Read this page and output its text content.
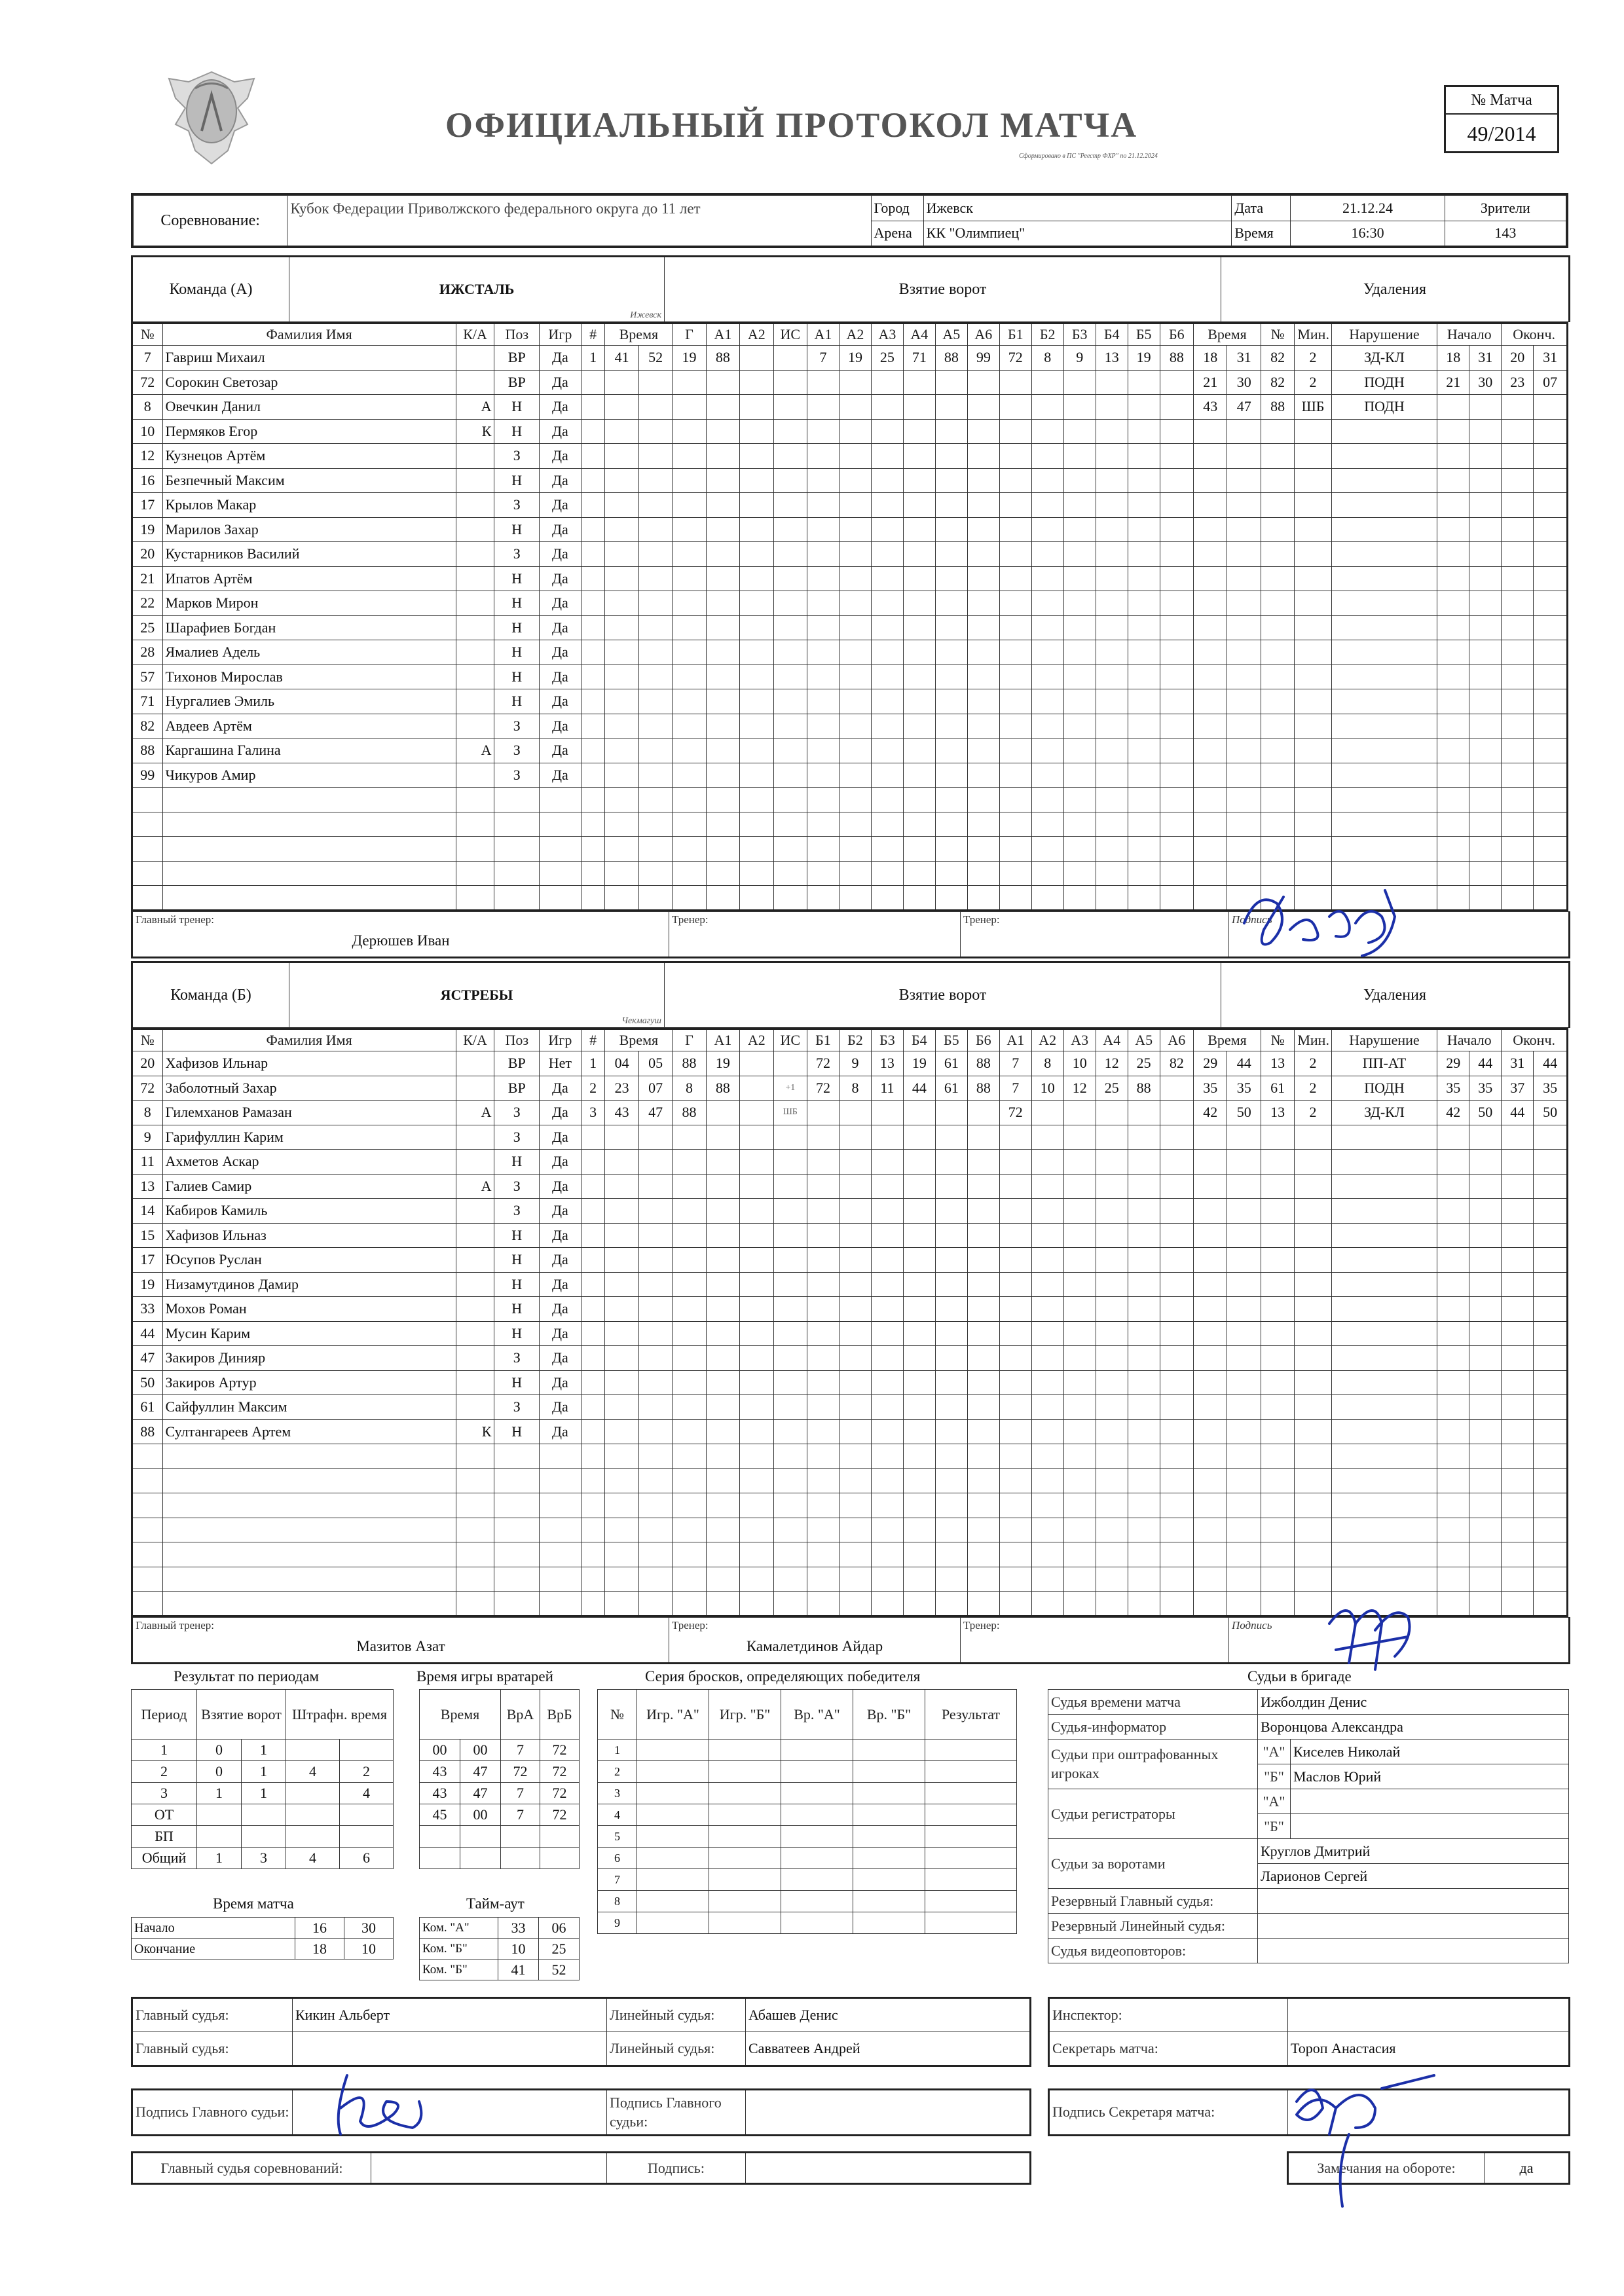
ОФИЦИАЛЬНЫЙ ПРОТОКОЛ МАТЧА
Сформировано в ПС "Реестр ФХР" по 21.12.2024
№ Матча
49/2014
Соревнование:	Кубок Федерации Приволжского федерального округа до 11 лет	Город	Ижевск	Дата	21.12.24	Зрители
		Арена	КК "Олимпиец"	Время	16:30	143
Команда (А)	ИЖСТАЛЬ
Ижевск
	Взятие ворот	Удаления
№	Фамилия Имя	К/А	Поз	Игр	#	Время		Г	А1	А2	ИС	А1	А2	А3	А4	А5	А6	Б1	Б2	Б3	Б4	Б5	Б6	Время		№	Мин.	Нарушение	Начало		Оконч.	
7	Гавриш Михаил		ВР	Да	1	41	52	19	88			7	19	25	71	88	99	72	8	9	13	19	88	18	31	82	2	ЗД-КЛ	18	31	20	31
72	Сорокин Светозар		ВР	Да																				21	30	82	2	ПОДН	21	30	23	07
8	Овечкин Данил	А	Н	Да																				43	47	88	ШБ	ПОДН				
10	Пермяков Егор	К	Н	Да																												
12	Кузнецов Артём		З	Да																												
16	Безпечный Максим		Н	Да																												
17	Крылов Макар		З	Да																												
19	Марилов Захар		Н	Да																												
20	Кустарников Василий		З	Да																												
21	Ипатов Артём		Н	Да																												
22	Марков Мирон		Н	Да																												
25	Шарафиев Богдан		Н	Да																												
28	Ямалиев Адель		Н	Да																												
57	Тихонов Мирослав		Н	Да																												
71	Нургалиев Эмиль		Н	Да																												
82	Авдеев Артём		З	Да																												
88	Каргашина Галина	А	З	Да																												
99	Чикуров Амир		З	Да																												

Главный тренер:
Дерюшев Иван

Тренер:	Тренер:	Подпись
Команда (Б)	ЯСТРЕБЫ
Чекмагуш
	Взятие ворот	Удаления
№	Фамилия Имя	К/А	Поз	Игр	#	Время		Г	А1	А2	ИС	Б1	Б2	Б3	Б4	Б5	Б6	А1	А2	А3	А4	А5	А6	Время		№	Мин.	Нарушение	Начало		Оконч.	
20	Хафизов Ильнар		ВР	Нет	1	04	05	88	19			72	9	13	19	61	88	7	8	10	12	25	82	29	44	13	2	ПП-АТ	29	44	31	44
72	Заболотный Захар		ВР	Да	2	23	07	8	88		+1	72	8	11	44	61	88	7	10	12	25	88		35	35	61	2	ПОДН	35	35	37	35
8	Гилемханов Рамазан	А	З	Да	3	43	47	88			ШБ							72						42	50	13	2	ЗД-КЛ	42	50	44	50
9	Гарифуллин Карим		З	Да																												
11	Ахметов Аскар		Н	Да																												
13	Галиев Самир	А	З	Да																												
14	Кабиров Камиль		З	Да																												
15	Хафизов Ильназ		Н	Да																												
17	Юсупов Руслан		Н	Да																												
19	Низамутдинов Дамир		Н	Да																												
33	Мохов Роман		Н	Да																												
44	Мусин Карим		Н	Да																												
47	Закиров Динияр		З	Да																												
50	Закиров Артур		Н	Да																												
61	Сайфуллин Максим		З	Да																												
88	Султангареев Артем	К	Н	Да																												

Главный тренер:
Мазитов Азат

Тренер:
Камалетдинов Айдар

Тренер:	Подпись
Результат по периодам
Период	Взятие ворот		Штрафн. время	
1	0	1		
2	0	1	4	2
3	1	1		4
ОТ				
БП				
Общий	1	3	4	6
Время матча
Начало	16	30
Окончание	18	10
Время игры вратарей
Время		ВрА	ВрБ
00	00	7	72
43	47	72	72
43	47	7	72
45	00	7	72

Тайм-аут
Ком. "А"	33	06
Ком. "Б"	10	25
Ком. "Б"	41	52
Серия бросков, определяющих победителя
№	Игр. "А"	Игр. "Б"	Вр. "А"	Вр. "Б"	Результат
1					
2					
3					
4					
5					
6					
7					
8					
9					
Судьи в бригаде
Судья времени матча	Ижболдин Денис	
Судья-информатор	Воронцова Александра	
Судьи при оштрафованных игроках	"А"	Киселев Николай
	"Б"	Маслов Юрий
Судьи регистраторы	"А"	
	"Б"	
Судьи за воротами	Круглов Дмитрий	
	Ларионов Сергей	
Резервный Главный судья:		
Резервный Линейный судья:		
Судья видеоповторов:		
Главный судья:	Кикин Альберт	Линейный судья:	Абашев Денис
Главный судья:		Линейный судья:	Савватеев Андрей
Инспектор:	
Секретарь матча:	Тороп Анастасия
Подпись Главного судьи:		Подпись Главного судьи:	
Подпись Секретаря матча:	
Главный судья соревнований:		Подпись:		Замечания на обороте:	да
